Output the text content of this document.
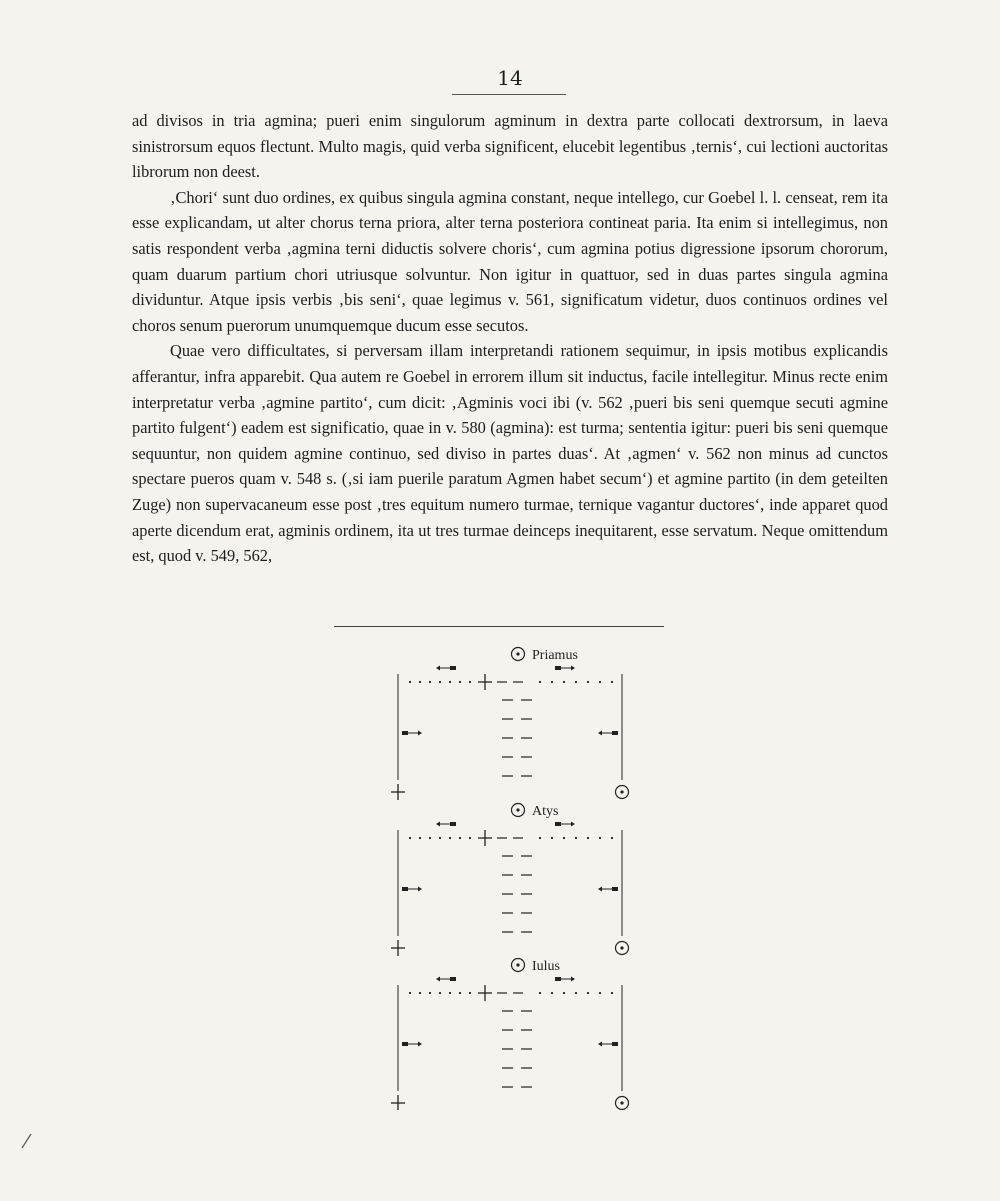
14

ad divisos in tria agmina; pueri enim singulorum agminum in dextra parte collocati dextrorsum, in laeva sinistrorsum equos flectunt. Multo magis, quid verba significent, elucebit legentibus ‚ternis‘, cui lectioni auctoritas librorum non deest.

‚Chori‘ sunt duo ordines, ex quibus singula agmina constant, neque intellego, cur Goebel l. l. censeat, rem ita esse explicandam, ut alter chorus terna priora, alter terna posteriora contineat paria. Ita enim si intellegimus, non satis respondent verba ‚agmina terni diductis solvere choris‘, cum agmina potius digressione ipsorum chororum, quam duarum partium chori utriusque solvuntur. Non igitur in quattuor, sed in duas partes singula agmina dividuntur. Atque ipsis verbis ‚bis seni‘, quae legimus v. 561, significatum videtur, duos continuos ordines vel choros senum puerorum unumquemque ducum esse secutos.

Quae vero difficultates, si perversam illam interpretandi rationem sequimur, in ipsis motibus explicandis afferantur, infra apparebit. Qua autem re Goebel in errorem illum sit inductus, facile intellegitur. Minus recte enim interpretatur verba ‚agmine partito‘, cum dicit: ‚Agminis voci ibi (v. 562 ‚pueri bis seni quemque secuti agmine partito fulgent‘) eadem est significatio, quae in v. 580 (agmina): est turma; sententia igitur: pueri bis seni quemque sequuntur, non quidem agmine continuo, sed diviso in partes duas‘. At ‚agmen‘ v. 562 non minus ad cunctos spectare pueros quam v. 548 s. (‚si iam puerile paratum Agmen habet secum‘) et agmine partito (in dem geteilten Zuge) non supervacaneum esse post ‚tres equitum numero turmae, ternique vagantur ductores‘, inde apparet quod aperte dicendum erat, agminis ordinem, ita ut tres turmae deinceps inequitarent, esse servatum. Neque omittendum est, quod v. 549, 562,

Priamus
Atys
Iulus
